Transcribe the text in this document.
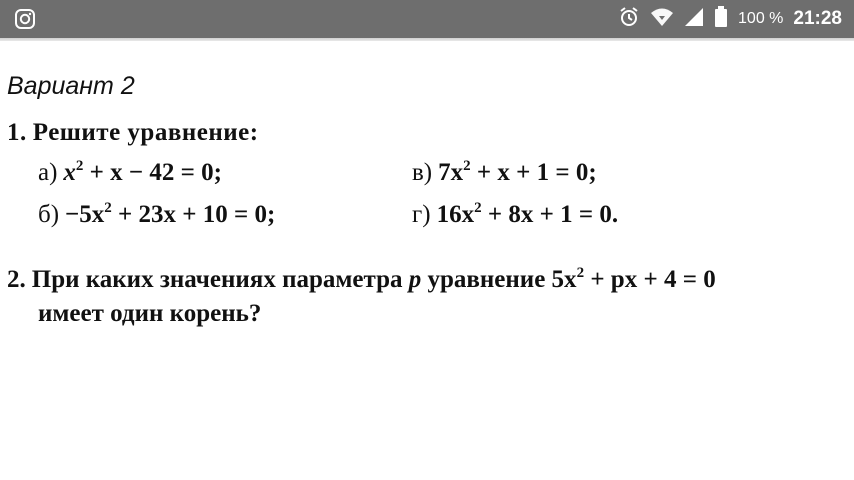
100 % 21:28
Вариант 2
1. Решите уравнение:
а) $x^2 + x - 42 = 0$;
$б) -5x^2 + 23x + 10 = 0$;
в) $7x^2 + x + 1 = 0$;
г) $16x^2 + 8x + 1 = 0$.
2. При каких значениях параметра p уравнение $5x^2$ + px + 4 = 0
имеет один корень?
